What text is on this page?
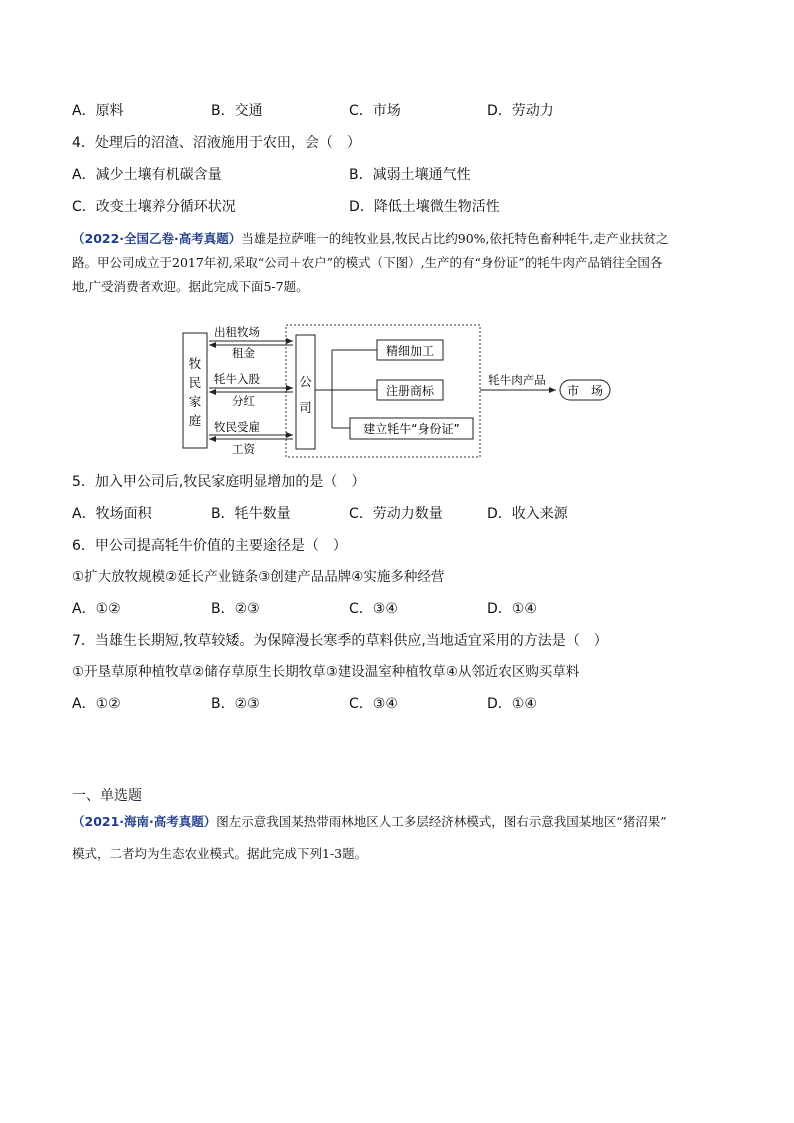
A．原料	B．交通	C．市场	D．劳动力
4．处理后的沼渣、沼液施用于农田，会（　）
A．减少土壤有机碳含量	B．减弱土壤通气性
C．改变土壤养分循环状况	D．降低土壤微生物活性
（2022·全国乙卷·高考真题）当雄是拉萨唯一的纯牧业县,牧民占比约90%,依托特色畜种牦牛,走产业扶贫之
路。甲公司成立于2017年初,采取“公司＋农户”的模式（下图）,生产的有“身份证”的牦牛肉产品销往全国各
地,广受消费者欢迎。据此完成下面5-7题。
牧
民
家
庭
公
司
出租牧场
租金
牦牛入股
分红
牧民受雇
工资
精细加工
注册商标
建立牦牛“身份证”
牦牛肉产品
市　场
5．加入甲公司后,牧民家庭明显增加的是（　）
A．牧场面积	B．牦牛数量	C．劳动力数量	D．收入来源
6．甲公司提高牦牛价值的主要途径是（　）
①扩大放牧规模②延长产业链条③创建产品品牌④实施多种经营
A．①②	B．②③	C．③④	D．①④
7．当雄生长期短,牧草较矮。为保障漫长寒季的草料供应,当地适宜采用的方法是（　）
①开垦草原种植牧草②储存草原生长期牧草③建设温室种植牧草④从邻近农区购买草料
A．①②	B．②③	C．③④	D．①④
一、单选题
（2021·海南·高考真题）图左示意我国某热带雨林地区人工多层经济林模式，图右示意我国某地区“猪沼果”
模式，二者均为生态农业模式。据此完成下列1-3题。
